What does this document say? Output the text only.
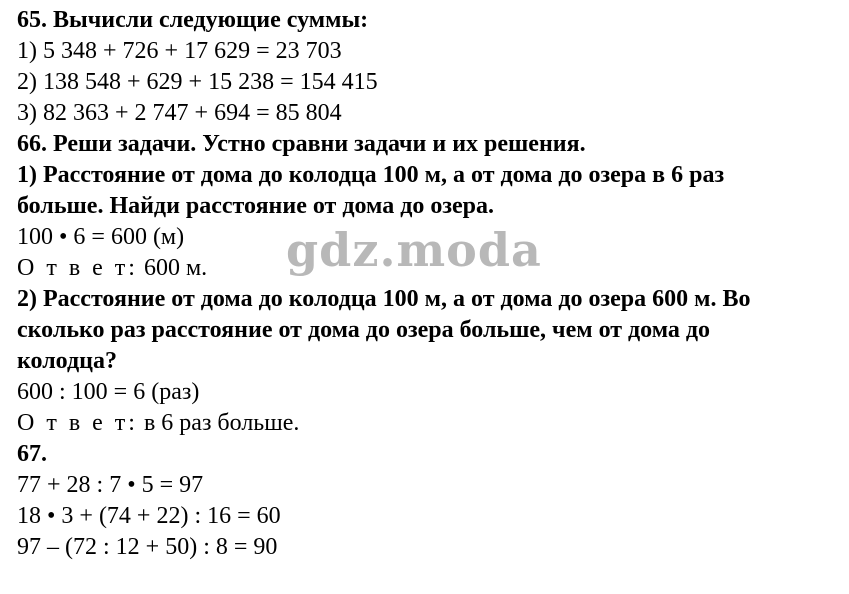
65. Вычисли следующие суммы:
1) 5 348 + 726 + 17 629 = 23 703
2) 138 548 + 629 + 15 238 = 154 415
3) 82 363 + 2 747 + 694 = 85 804
66. Реши задачи. Устно сравни задачи и их решения.
1) Расстояние от дома до колодца 100 м, а от дома до озера в 6 раз
больше. Найди расстояние от дома до озера.
100 • 6 = 600 (м)
О т в е т: 600 м.
2) Расстояние от дома до колодца 100 м, а от дома до озера 600 м. Во
сколько раз расстояние от дома до озера больше, чем от дома до
колодца?
600 : 100 = 6 (раз)
О т в е т: в 6 раз больше.
67.
77 + 28 : 7 • 5 = 97
18 • 3 + (74 + 22) : 16 = 60
97 – (72 : 12 + 50) : 8 = 90
gdz.moda
